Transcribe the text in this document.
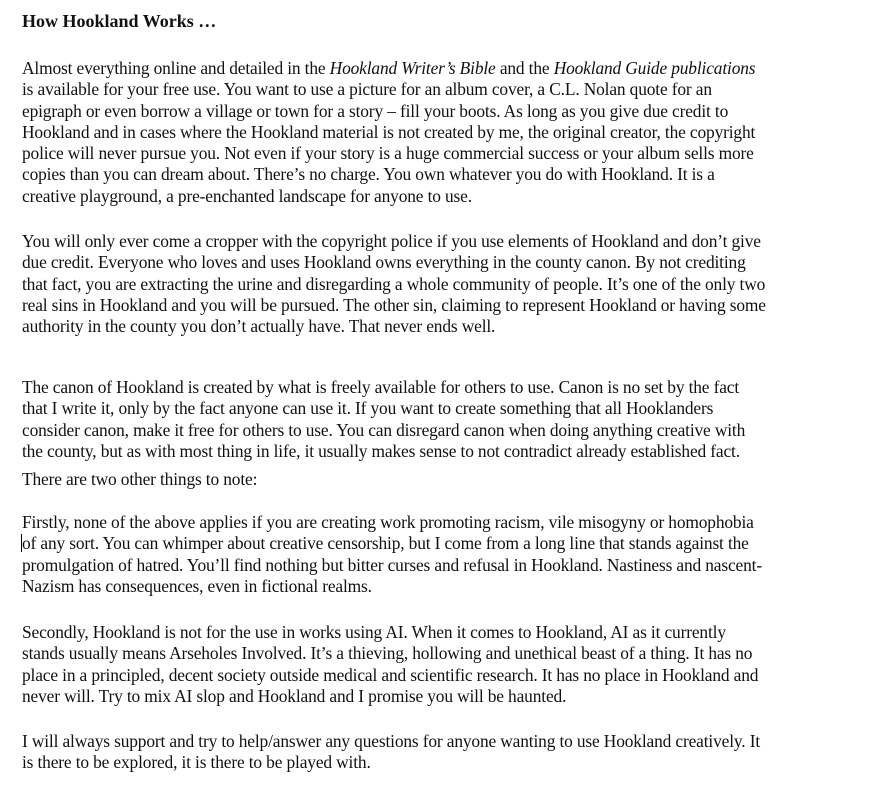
How Hookland Works …

Almost everything online and detailed in the Hookland Writer’s Bible and the Hookland Guide publications
is available for your free use. You want to use a picture for an album cover, a C.L. Nolan quote for an
epigraph or even borrow a village or town for a story – fill your boots. As long as you give due credit to
Hookland and in cases where the Hookland material is not created by me, the original creator, the copyright
police will never pursue you. Not even if your story is a huge commercial success or your album sells more
copies than you can dream about. There’s no charge. You own whatever you do with Hookland. It is a
creative playground, a pre-enchanted landscape for anyone to use.

You will only ever come a cropper with the copyright police if you use elements of Hookland and don’t give
due credit. Everyone who loves and uses Hookland owns everything in the county canon. By not crediting
that fact, you are extracting the urine and disregarding a whole community of people. It’s one of the only two
real sins in Hookland and you will be pursued. The other sin, claiming to represent Hookland or having some
authority in the county you don’t actually have. That never ends well.

The canon of Hookland is created by what is freely available for others to use. Canon is no set by the fact
that I write it, only by the fact anyone can use it. If you want to create something that all Hooklanders
consider canon, make it free for others to use. You can disregard canon when doing anything creative with
the county, but as with most thing in life, it usually makes sense to not contradict already established fact.

There are two other things to note:

Firstly, none of the above applies if you are creating work promoting racism, vile misogyny or homophobia
of any sort. You can whimper about creative censorship, but I come from a long line that stands against the
promulgation of hatred. You’ll find nothing but bitter curses and refusal in Hookland. Nastiness and nascent-
Nazism has consequences, even in fictional realms.

Secondly, Hookland is not for the use in works using AI. When it comes to Hookland, AI as it currently
stands usually means Arseholes Involved. It’s a thieving, hollowing and unethical beast of a thing. It has no
place in a principled, decent society outside medical and scientific research. It has no place in Hookland and
never will. Try to mix AI slop and Hookland and I promise you will be haunted.

I will always support and try to help/answer any questions for anyone wanting to use Hookland creatively. It
is there to be explored, it is there to be played with.
